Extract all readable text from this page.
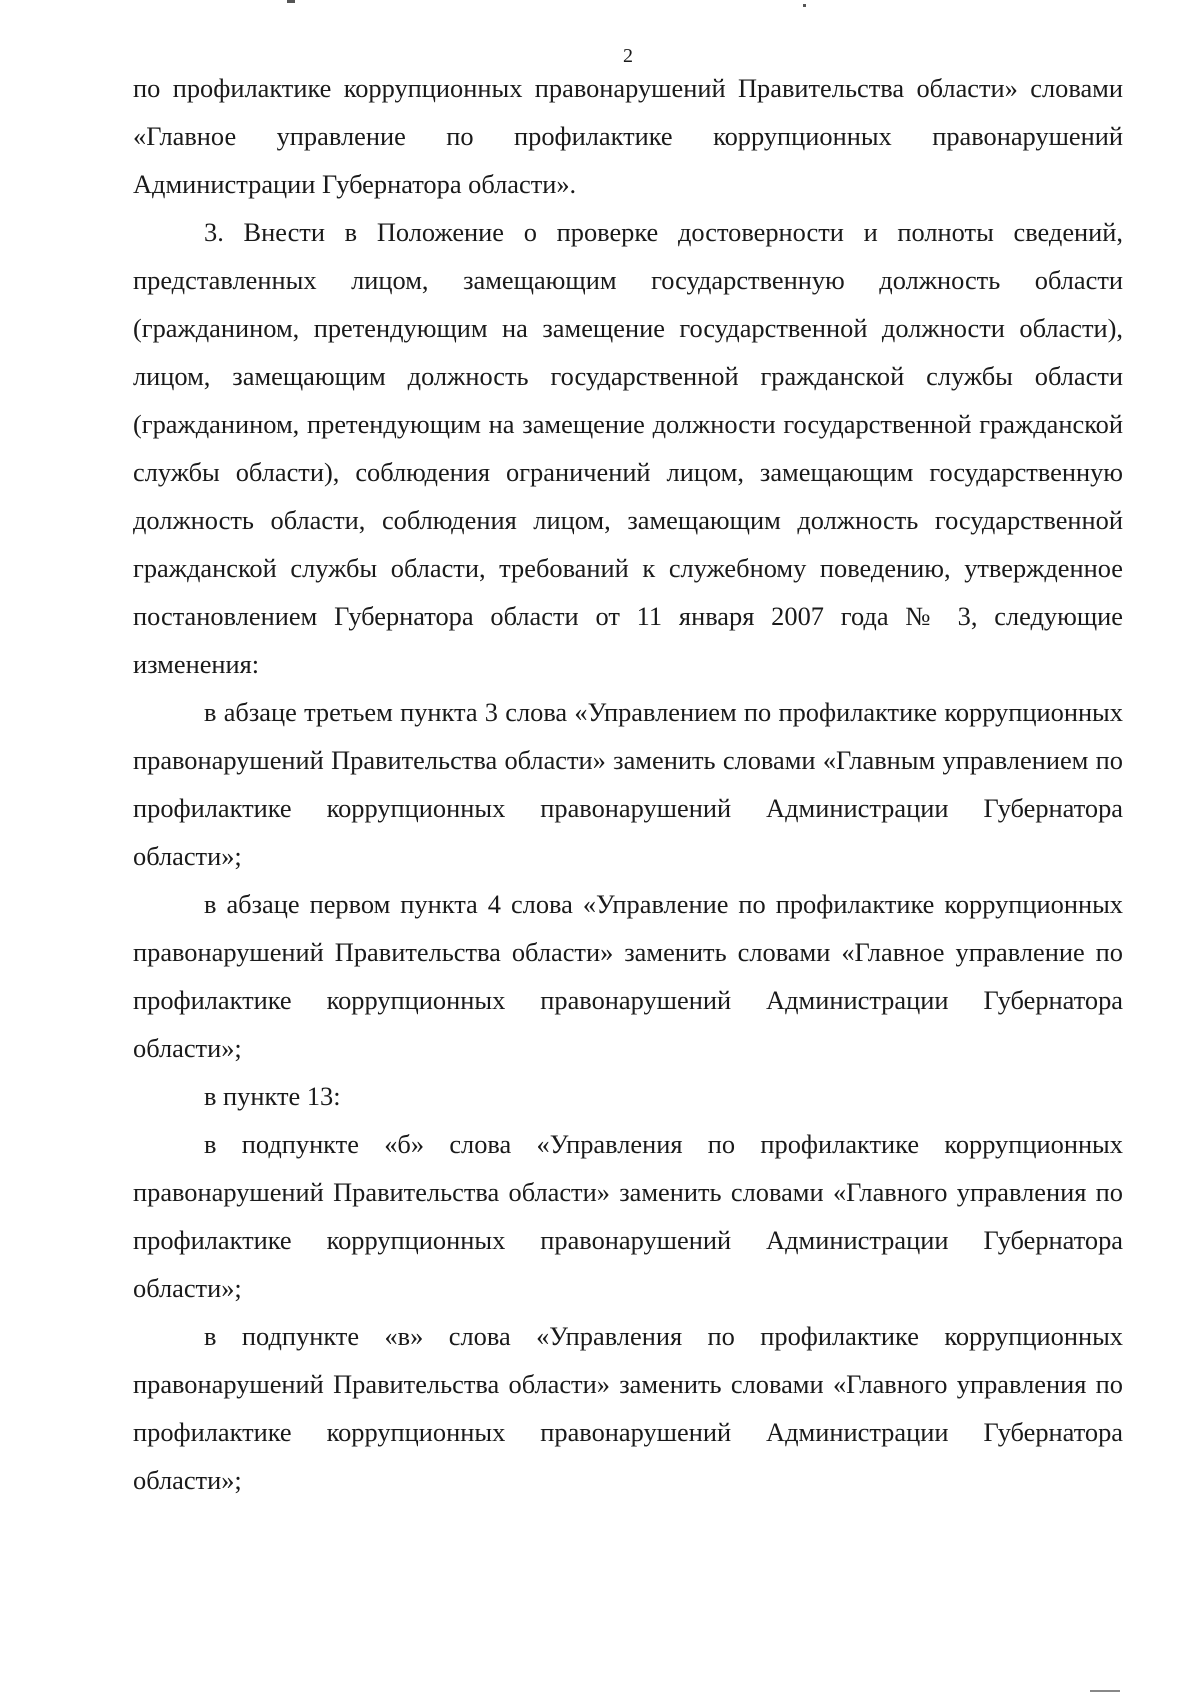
2

по профилактике коррупционных правонарушений Правительства области» словами «Главное управление по профилактике коррупционных правонарушений Администрации Губернатора области».

3. Внести в Положение о проверке достоверности и полноты сведений, представленных лицом, замещающим государственную должность области (гражданином, претендующим на замещение государственной должности области), лицом, замещающим должность государственной гражданской службы области (гражданином, претендующим на замещение должности государственной гражданской службы области), соблюдения ограничений лицом, замещающим государственную должность области, соблюдения лицом, замещающим должность государственной гражданской службы области, требований к служебному поведению, утвержденное постановлением Губернатора области от 11 января 2007 года № 3, следующие изменения:

в абзаце третьем пункта 3 слова «Управлением по профилактике коррупционных правонарушений Правительства области» заменить словами «Главным управлением по профилактике коррупционных правонарушений Администрации Губернатора области»;

в абзаце первом пункта 4 слова «Управление по профилактике коррупционных правонарушений Правительства области» заменить словами «Главное управление по профилактике коррупционных правонарушений Администрации Губернатора области»;

в пункте 13:

в подпункте «б» слова «Управления по профилактике коррупционных правонарушений Правительства области» заменить словами «Главного управления по профилактике коррупционных правонарушений Администрации Губернатора области»;

в подпункте «в» слова «Управления по профилактике коррупционных правонарушений Правительства области» заменить словами «Главного управления по профилактике коррупционных правонарушений Администрации Губернатора области»;
